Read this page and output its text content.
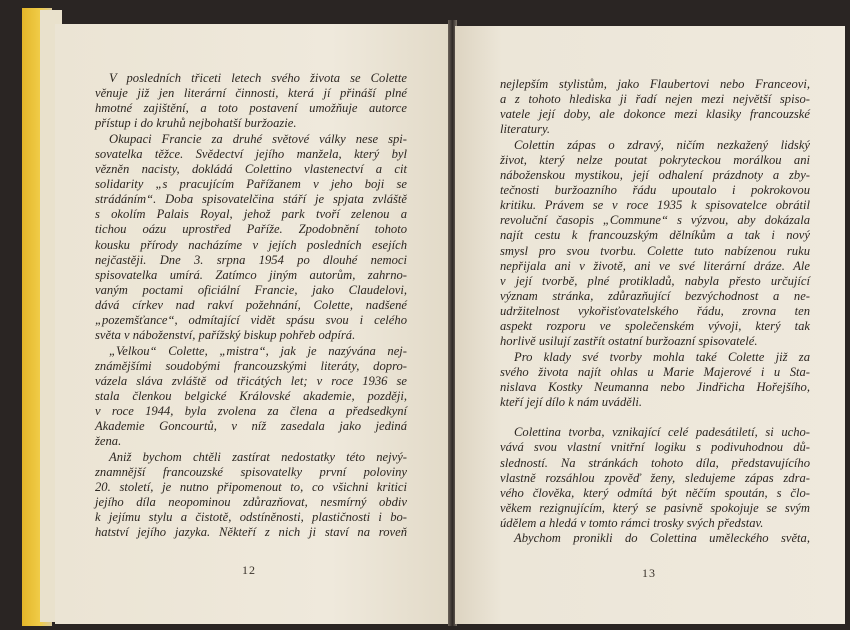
V posledních třiceti letech svého života se Colette
věnuje již jen literární činnosti, která jí přináší plné
hmotné zajištění, a toto postavení umožňuje autorce
přístup i do kruhů nejbohatší buržoazie.
Okupaci Francie za druhé světové války nese spi-
sovatelka těžce. Svědectví jejího manžela, který byl
vězněn nacisty, dokládá Colettino vlastenectví a cit
solidarity „s pracujícím Pařížanem v jeho boji se
strádáním“. Doba spisovatelčina stáří je spjata zvláště
s okolím Palais Royal, jehož park tvoří zelenou a
tichou oázu uprostřed Paříže. Zpodobnění tohoto
kousku přírody nacházíme v jejích posledních esejích
nejčastěji. Dne 3. srpna 1954 po dlouhé nemoci
spisovatelka umírá. Zatímco jiným autorům, zahrno-
vaným poctami oficiální Francie, jako Claudelovi,
dává církev nad rakví požehnání, Colette, nadšené
„pozemšťance“, odmítající vidět spásu svou i celého
světa v náboženství, pařížský biskup pohřeb odpírá.
„Velkou“ Colette, „mistra“, jak je nazývána nej-
známějšími soudobými francouzskými literáty, dopro-
vázela sláva zvláště od třicátých let; v roce 1936 se
stala členkou belgické Královské akademie, později,
v roce 1944, byla zvolena za člena a předsedkyní
Akademie Goncourtů, v níž zasedala jako jediná
žena.
Aniž bychom chtěli zastírat nedostatky této nejvý-
znamnější francouzské spisovatelky první poloviny
20. století, je nutno připomenout to, co všichni kritici
jejího díla neopominou zdůrazňovat, nesmírný obdiv
k jejímu stylu a čistotě, odstíněnosti, plastičnosti i bo-
hatství jejího jazyka. Někteří z nich ji staví na roveň
12
nejlepším stylistům, jako Flaubertovi nebo Franceovi,
a z tohoto hlediska ji řadí nejen mezi největší spiso-
vatele její doby, ale dokonce mezi klasiky francouzské
literatury.
Colettin zápas o zdravý, ničím nezkažený lidský
život, který nelze poutat pokryteckou morálkou ani
náboženskou mystikou, její odhalení prázdnoty a zby-
tečnosti buržoazního řádu upoutalo i pokrokovou
kritiku. Právem se v roce 1935 k spisovatelce obrátil
revoluční časopis „Commune“ s výzvou, aby dokázala
najít cestu k francouzským dělníkům a tak i nový
smysl pro svou tvorbu. Colette tuto nabízenou ruku
nepřijala ani v životě, ani ve své literární dráze. Ale
v její tvorbě, plné protikladů, nabyla přesto určující
význam stránka, zdůrazňující bezvýchodnost a ne-
udržitelnost vykořisťovatelského řádu, zrovna ten
aspekt rozporu ve společenském vývoji, který tak
horlivě usilují zastřít ostatní buržoazní spisovatelé.
Pro klady své tvorby mohla také Colette již za
svého života najít ohlas u Marie Majerové i u Sta-
nislava Kostky Neumanna nebo Jindřicha Hořejšího,
kteří její dílo k nám uváděli.
Colettina tvorba, vznikající celé padesátiletí, si ucho-
vává svou vlastní vnitřní logiku s podivuhodnou dů-
sledností. Na stránkách tohoto díla, představujícího
vlastně rozsáhlou zpověď ženy, sledujeme zápas zdra-
vého člověka, který odmítá být něčím spoután, s člo-
věkem rezignujícím, který se pasivně spokojuje se svým
údělem a hledá v tomto rámci trosky svých představ.
Abychom pronikli do Colettina uměleckého světa,
13
